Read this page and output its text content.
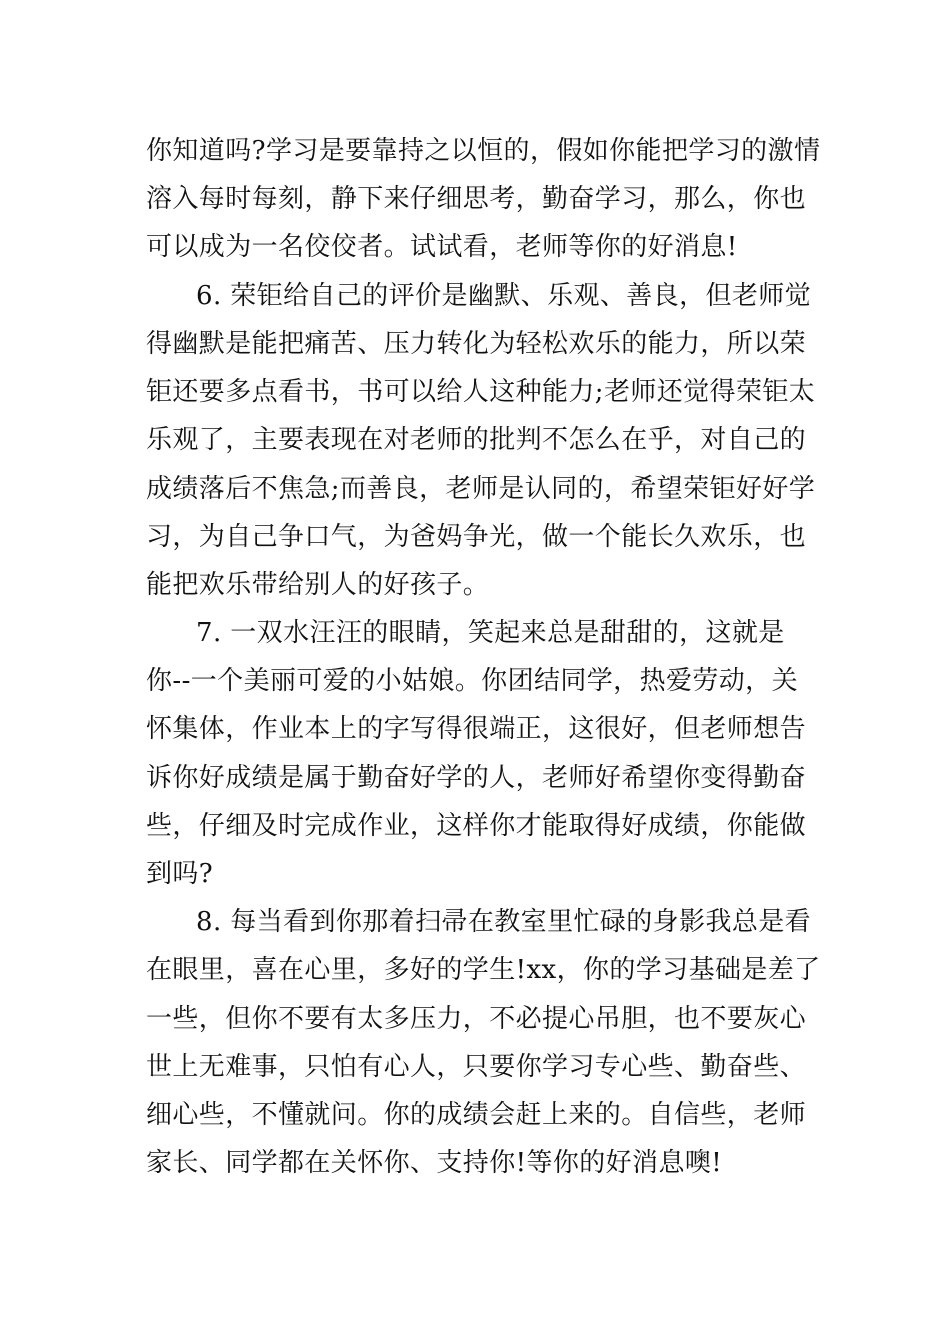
你知道吗?学习是要靠持之以恒的，假如你能把学习的激情
溶入每时每刻，静下来仔细思考，勤奋学习，那么，你也
可以成为一名佼佼者。试试看，老师等你的好消息!
6. 荣钜给自己的评价是幽默、乐观、善良，但老师觉
得幽默是能把痛苦、压力转化为轻松欢乐的能力，所以荣
钜还要多点看书，书可以给人这种能力;老师还觉得荣钜太
乐观了，主要表现在对老师的批判不怎么在乎，对自己的
成绩落后不焦急;而善良，老师是认同的，希望荣钜好好学
习，为自己争口气，为爸妈争光，做一个能长久欢乐，也
能把欢乐带给别人的好孩子。
7. 一双水汪汪的眼睛，笑起来总是甜甜的，这就是
你--一个美丽可爱的小姑娘。你团结同学，热爱劳动，关
怀集体，作业本上的字写得很端正，这很好，但老师想告
诉你好成绩是属于勤奋好学的人，老师好希望你变得勤奋
些，仔细及时完成作业，这样你才能取得好成绩，你能做
到吗?
8. 每当看到你那着扫帚在教室里忙碌的身影我总是看
在眼里，喜在心里，多好的学生!xx，你的学习基础是差了
一些，但你不要有太多压力，不必提心吊胆，也不要灰心
世上无难事，只怕有心人，只要你学习专心些、勤奋些、
细心些，不懂就问。你的成绩会赶上来的。自信些，老师
家长、同学都在关怀你、支持你!等你的好消息噢!
